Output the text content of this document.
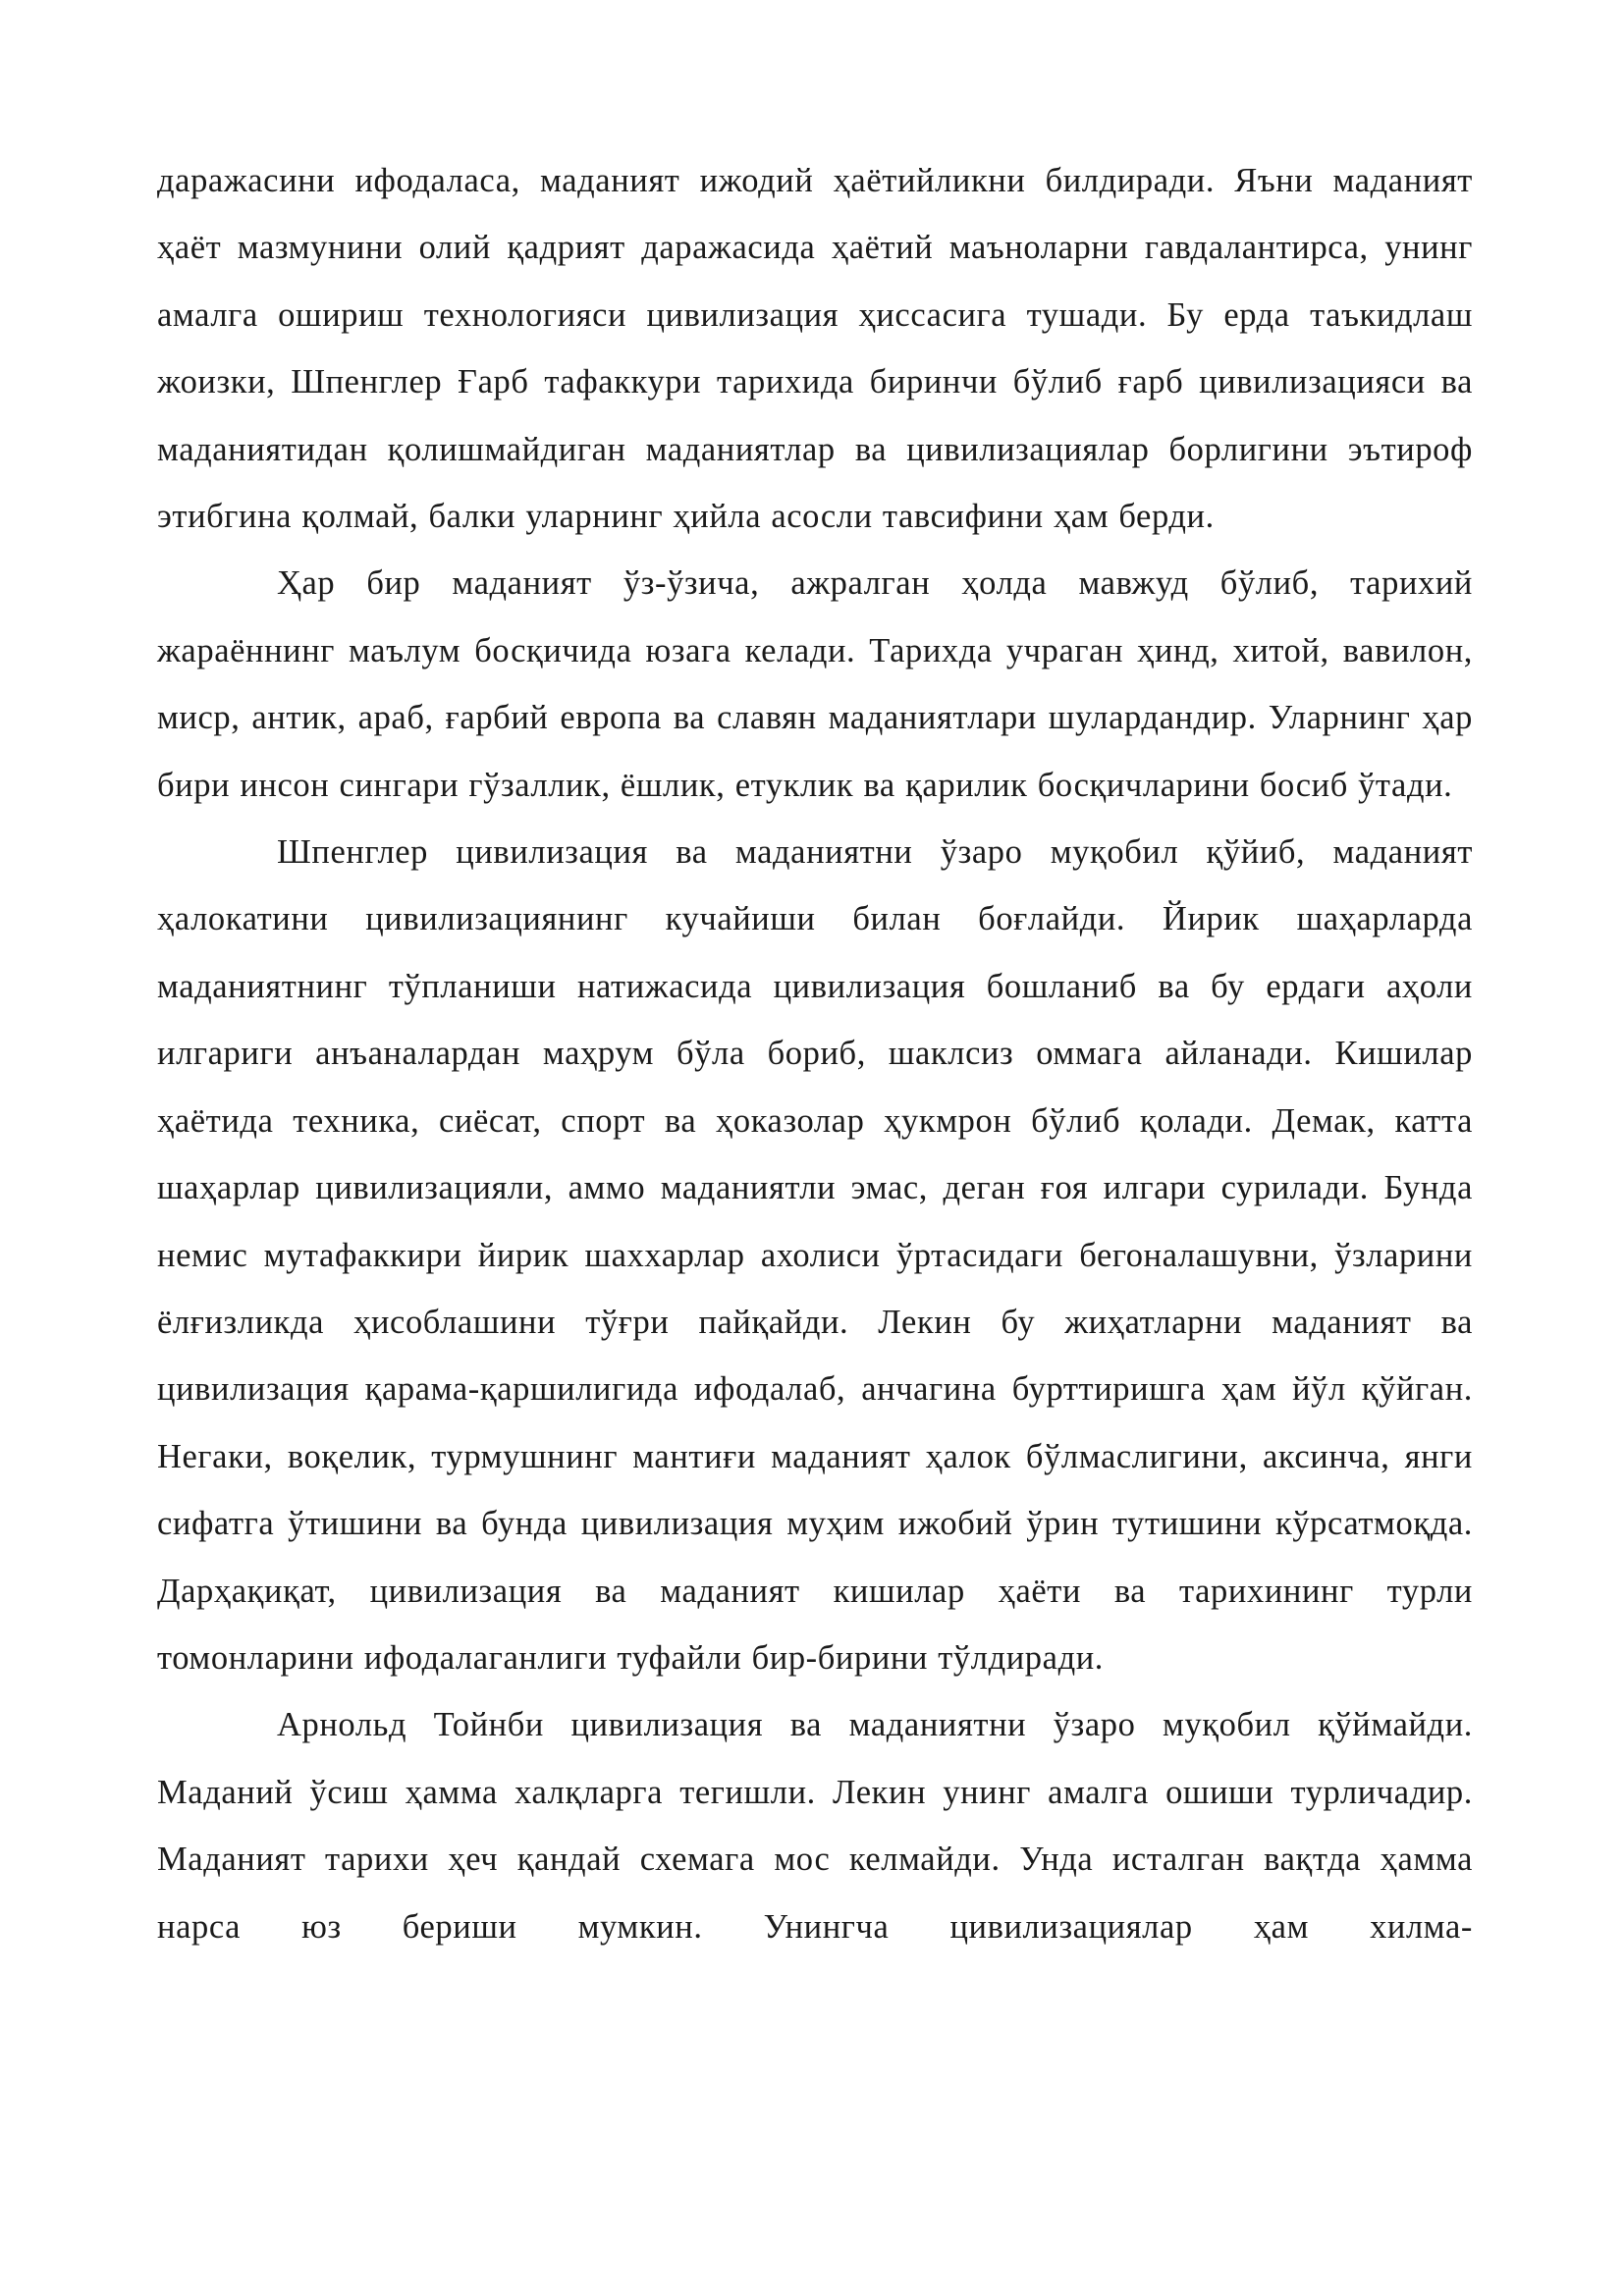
даражасини ифодаласа, маданият ижодий ҳаётийликни билдиради. Яъни маданият ҳаёт мазмунини олий қадрият даражасида ҳаётий маъноларни гавдалантирса, унинг амалга ошириш технологияси цивилизация ҳиссасига тушади. Бу ерда таъкидлаш жоизки, Шпенглер Ғарб тафаккури тарихида биринчи бўлиб ғарб цивилизацияси ва маданиятидан қолишмайдиган маданиятлар ва цивилизациялар борлигини эътироф этибгина қолмай, балки уларнинг ҳийла асосли тавсифини ҳам берди.

Ҳар бир маданият ўз-ўзича, ажралган ҳолда мавжуд бўлиб, тарихий жараённинг маълум босқичида юзага келади. Тарихда учраган ҳинд, хитой, вавилон, миср, антик, араб, ғарбий европа ва славян маданиятлари шулардандир. Уларнинг ҳар бири инсон сингари гўзаллик, ёшлик, етуклик ва қарилик босқичларини босиб ўтади.

Шпенглер цивилизация ва маданиятни ўзаро муқобил қўйиб, маданият ҳалокатини цивилизациянинг кучайиши билан боғлайди. Йирик шаҳарларда маданиятнинг тўпланиши натижасида цивилизация бошланиб ва бу ердаги аҳоли илгариги анъаналардан маҳрум бўла бориб, шаклсиз оммага айланади. Кишилар ҳаётида техника, сиёсат, спорт ва ҳоказолар ҳукмрон бўлиб қолади. Демак, катта шаҳарлар цивилизацияли, аммо маданиятли эмас, деган ғоя илгари сурилади. Бунда немис мутафаккири йирик шаххарлар ахолиси ўртасидаги бегоналашувни, ўзларини ёлғизликда ҳисоблашини тўғри пайқайди. Лекин бу жиҳатларни маданият ва цивилизация қарама-қаршилигида ифодалаб, анчагина бурттиришга ҳам йўл қўйган. Негаки, воқелик, турмушнинг мантиғи маданият ҳалок бўлмаслигини, аксинча, янги сифатга ўтишини ва бунда цивилизация муҳим ижобий ўрин тутишини кўрсатмоқда. Дарҳақиқат, цивилизация ва маданият кишилар ҳаёти ва тарихининг турли томонларини ифодалаганлиги туфайли бир-бирини тўлдиради.

Арнольд Тойнби цивилизация ва маданиятни ўзаро муқобил қўймайди. Маданий ўсиш ҳамма халқларга тегишли. Лекин унинг амалга ошиши турличадир. Маданият тарихи ҳеч қандай схемага мос келмайди. Унда исталган вақтда ҳамма нарса юз бериши мумкин. Унингча цивилизациялар ҳам хилма-
